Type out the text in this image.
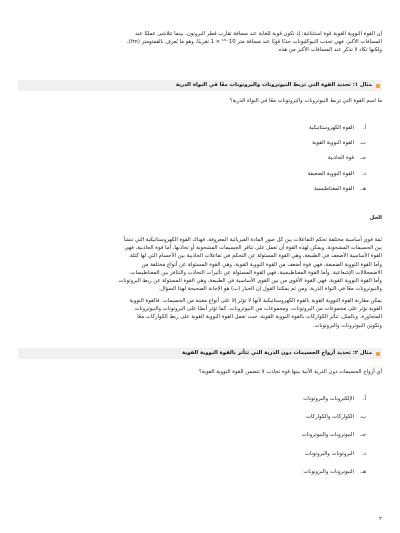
إن القوة النووية القوية قوة استثنائية: إذ تكون قوية للغاية عند مسافة تقارب قطر البروتون، بينما تتلاشى عمليًا عند

المسافات الأكبر، فهي تجذب النيوكليونات جذبًا قويًا عند مسافة متر 10⁻¹⁵ × 1 تقريبًا، وهو ما يُعرف بالفمتومتر (fm)،

ولكنها تكاد لا تذكر عند المسافات الأكبر من هذه.

مثال ١: تحديد القوة التي تربط النيوترونات والبروتونات معًا في النواة الذرية

ما اسم القوة التي تربط النيوترونات والبروتونات معًا في النواة الذرية؟

أ.
القوة الكهروستاتيكية
ب.
القوة النووية القوية
جـ.
قوة الجاذبية
د.
القوة النووية الضعيفة
هـ.
القوة المغناطيسية

الحل

ثمة قوى أساسية مختلفة تحكم التفاعلات بين كل صور المادة الفيزيائية المعروفة. فهناك القوة الكهروستاتيكية التي تنشأ

بين الجسيمات المشحونة، ويمكن لهذه القوة أن تعمل على تنافر الجسيمات المشحونة أو تجاذبها. أما قوة الجاذبية، فهي

القوة الأساسية الأضعف في الطبيعة، وهي القوة المسئولة عن التحكم في تفاعلات الجاذبية بين الأجسام التي لها كتلة.

وأما القوة النووية الضعيفة، فهي قوة أضعف من القوة النووية القوية، وهي القوة المسئولة عن أنواع مختلفة من

الاضمحلالات الإشعاعية. وأما القوة المغناطيسية، فهي القوة المسئولة عن تأثيرات التجاذب والتنافر بين المغناطيسات.

وأما القوة النووية القوية، فهي القوة الأقوى من بين القوى الأساسية في الطبيعة، وهي القوة المسئولة عن ربط البروتونات

والنيوترونات معًا في النواة الذرية. ومن ثم يمكننا القول إن الخيار (ب) هو الإجابة الصحيحة لهذا السؤال.

يمكن مقارنة القوة النووية القوية بالقوة الكهروستاتيكية لأنها لا تؤثر إلا على أنواع معينة من الجسيمات. فالقوة النووية

القوية تؤثر على مجموعات من البروتونات، ومجموعات من النيوترونات. كما تؤثر أيضًا على البروتونات والنيوترونات

المتجاورة. وبالمثل، تتأثر الكواركات بالقوة النووية القوية، حيث تعمل القوة النووية القوية على ربط الكواركات معًا

وتكوين النيوترونات والبروتونات.

مثال ٢: تحديد أزواج الجسيمات دون الذرية التي تتأثر بالقوة النووية القوية

أي أزواج الجسيمات دون الذرية الآتية بينها قوة تجاذب لا تتضمن القوة النووية القوية؟

أ.
الإلكترونات والبروتونات
ب.
الكواركات والكواركات
جـ.
النيوترونات والنيوترونات
د.
البروتونات والبروتونات
هـ.
النيوترونات والبروتونات

٢
